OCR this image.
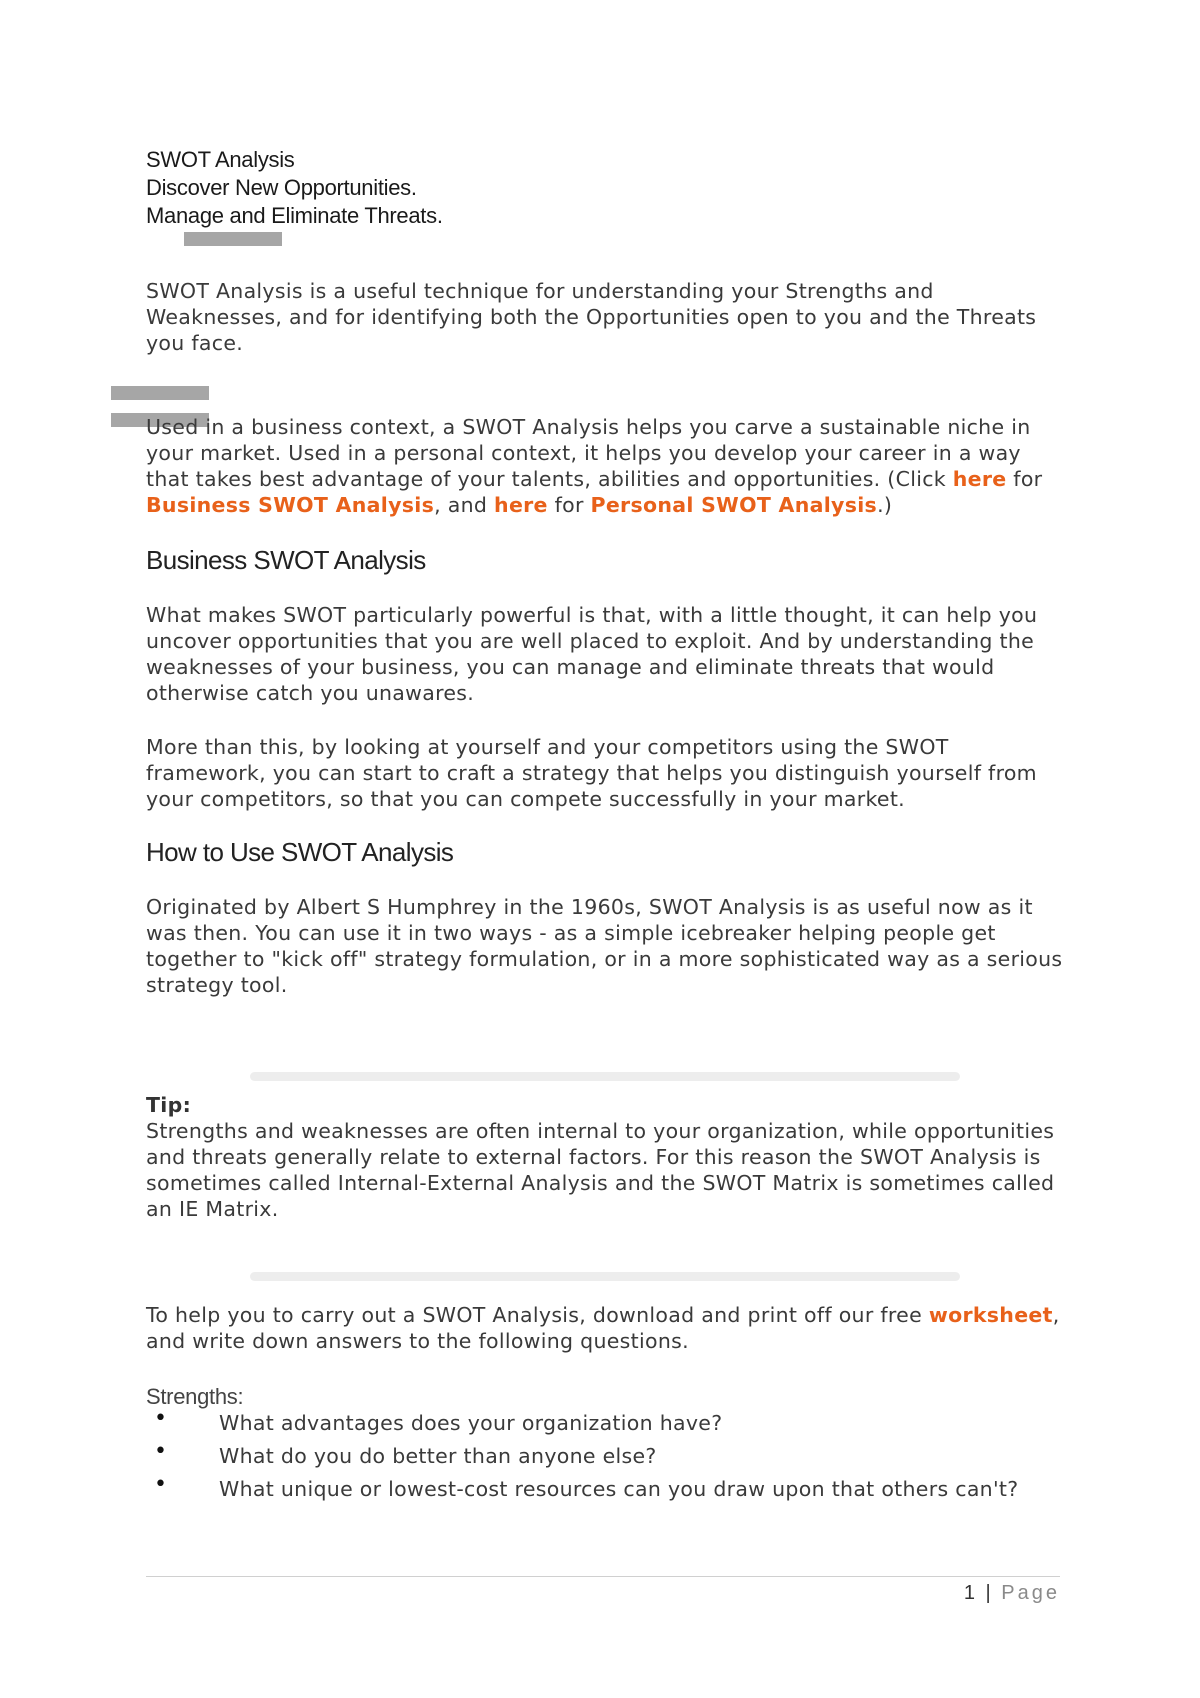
SWOT Analysis
Discover New Opportunities.
Manage and Eliminate Threats.

SWOT Analysis is a useful technique for understanding your Strengths and Weaknesses, and for identifying both the Opportunities open to you and the Threats you face.

Used in a business context, a SWOT Analysis helps you carve a sustainable niche in your market. Used in a personal context, it helps you develop your career in a way that takes best advantage of your talents, abilities and opportunities. (Click here for Business SWOT Analysis, and here for Personal SWOT Analysis.)

Business SWOT Analysis

What makes SWOT particularly powerful is that, with a little thought, it can help you uncover opportunities that you are well placed to exploit. And by understanding the weaknesses of your business, you can manage and eliminate threats that would otherwise catch you unawares.

More than this, by looking at yourself and your competitors using the SWOT framework, you can start to craft a strategy that helps you distinguish yourself from your competitors, so that you can compete successfully in your market.

How to Use SWOT Analysis

Originated by Albert S Humphrey in the 1960s, SWOT Analysis is as useful now as it was then. You can use it in two ways - as a simple icebreaker helping people get together to "kick off" strategy formulation, or in a more sophisticated way as a serious strategy tool.

Tip:

Strengths and weaknesses are often internal to your organization, while opportunities and threats generally relate to external factors. For this reason the SWOT Analysis is sometimes called Internal-External Analysis and the SWOT Matrix is sometimes called an IE Matrix.

To help you to carry out a SWOT Analysis, download and print off our free worksheet, and write down answers to the following questions.

Strengths:
•	What advantages does your organization have?
•	What do you do better than anyone else?
•	What unique or lowest-cost resources can you draw upon that others can't?
1 | Page
